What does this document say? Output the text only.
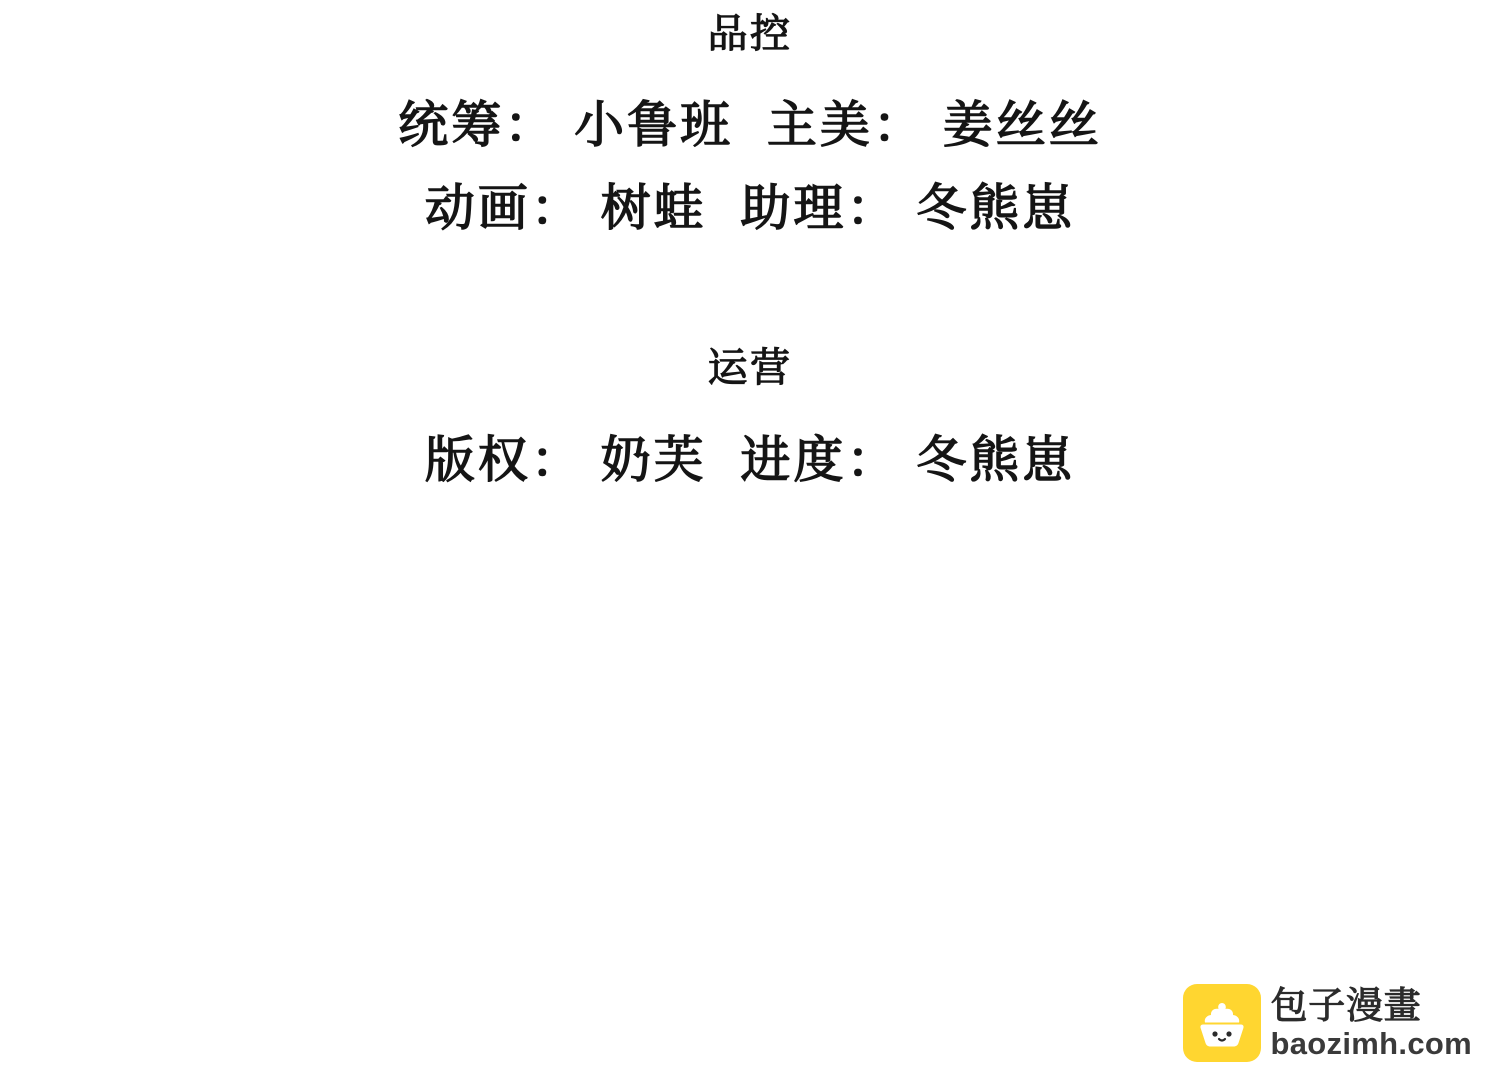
品控
统筹： 小鲁班  主美： 姜丝丝
动画： 树蛙  助理： 冬熊崽
运营
版权： 奶芙  进度： 冬熊崽
包子漫畫
baozimh.com
